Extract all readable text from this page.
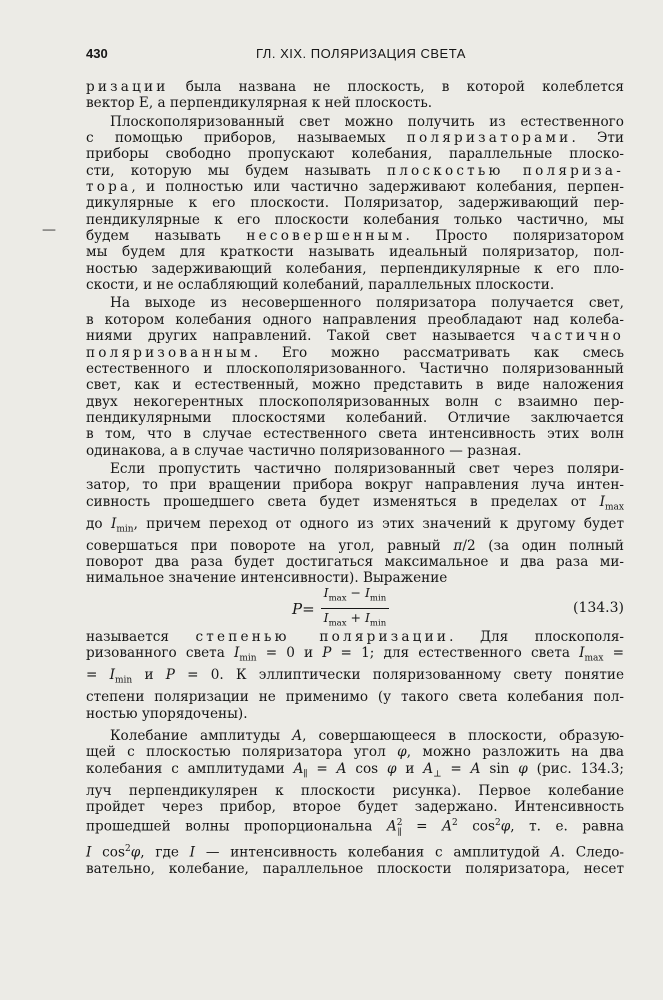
430	ГЛ. XIX. ПОЛЯРИЗАЦИЯ СВЕТА
—
ризации была названа не плоскость, в которой колеблется
вектор E, а перпендикулярная к ней плоскость.
Плоскополяризованный свет можно получить из естественного
с помощью приборов, называемых поляризаторами. Эти
приборы свободно пропускают колебания, параллельные плоско-
сти, которую мы будем называть плоскостью поляриза-
тора, и полностью или частично задерживают колебания, перпен-
дикулярные к его плоскости. Поляризатор, задерживающий пер-
пендикулярные к его плоскости колебания только частично, мы
будем называть несовершенным. Просто поляризатором
мы будем для краткости называть идеальный поляризатор, пол-
ностью задерживающий колебания, перпендикулярные к его пло-
скости, и не ослабляющий колебаний, параллельных плоскости.
На выходе из несовершенного поляризатора получается свет,
в котором колебания одного направления преобладают над колеба-
ниями других направлений. Такой свет называется частично
поляризованным. Его можно рассматривать как смесь
естественного и плоскополяризованного. Частично поляризованный
свет, как и естественный, можно представить в виде наложения
двух некогерентных плоскополяризованных волн с взаимно пер-
пендикулярными плоскостями колебаний. Отличие заключается
в том, что в случае естественного света интенсивность этих волн
одинакова, а в случае частично поляризованного — разная.
Если пропустить частично поляризованный свет через поляри-
затор, то при вращении прибора вокруг направления луча интен-
сивность прошедшего света будет изменяться в пределах от $I_{max}$
до $I_{min}$, причем переход от одного из этих значений к другому будет
совершаться при повороте на угол, равный π/2 (за один полный
поворот два раза будет достигаться максимальное и два раза ми-
нимальное значение интенсивности). Выражение
$P = \frac{I_{max} - I_{min}}{I_{max} + I_{min}}$	(134.3)
называется степенью поляризации. Для плоскополя-
ризованного света $I_{min} = 0$ и P = 1; для естественного света $I_{max}$ =
= $I_{min}$ и P = 0. К эллиптически поляризованному свету понятие
степени поляризации не применимо (у такого света колебания пол-
ностью упорядочены).
Колебание амплитуды A, совершающееся в плоскости, образую-
щей с плоскостью поляризатора угол φ, можно разложить на два
колебания с амплитудами $A_\parallel = A$ cos φ и $A_\perp = A$ sin φ (рис. 134.3;
луч перпендикулярен к плоскости рисунка). Первое колебание
пройдет через прибор, второе будет задержано. Интенсивность
прошедшей волны пропорциональна $A^2_\parallel = A^2$ $\cos^2\varphi$, т. е. равна
I $\cos^2\varphi$, где I — интенсивность колебания с амплитудой A. Следо-
вательно, колебание, параллельное плоскости поляризатора, несет
